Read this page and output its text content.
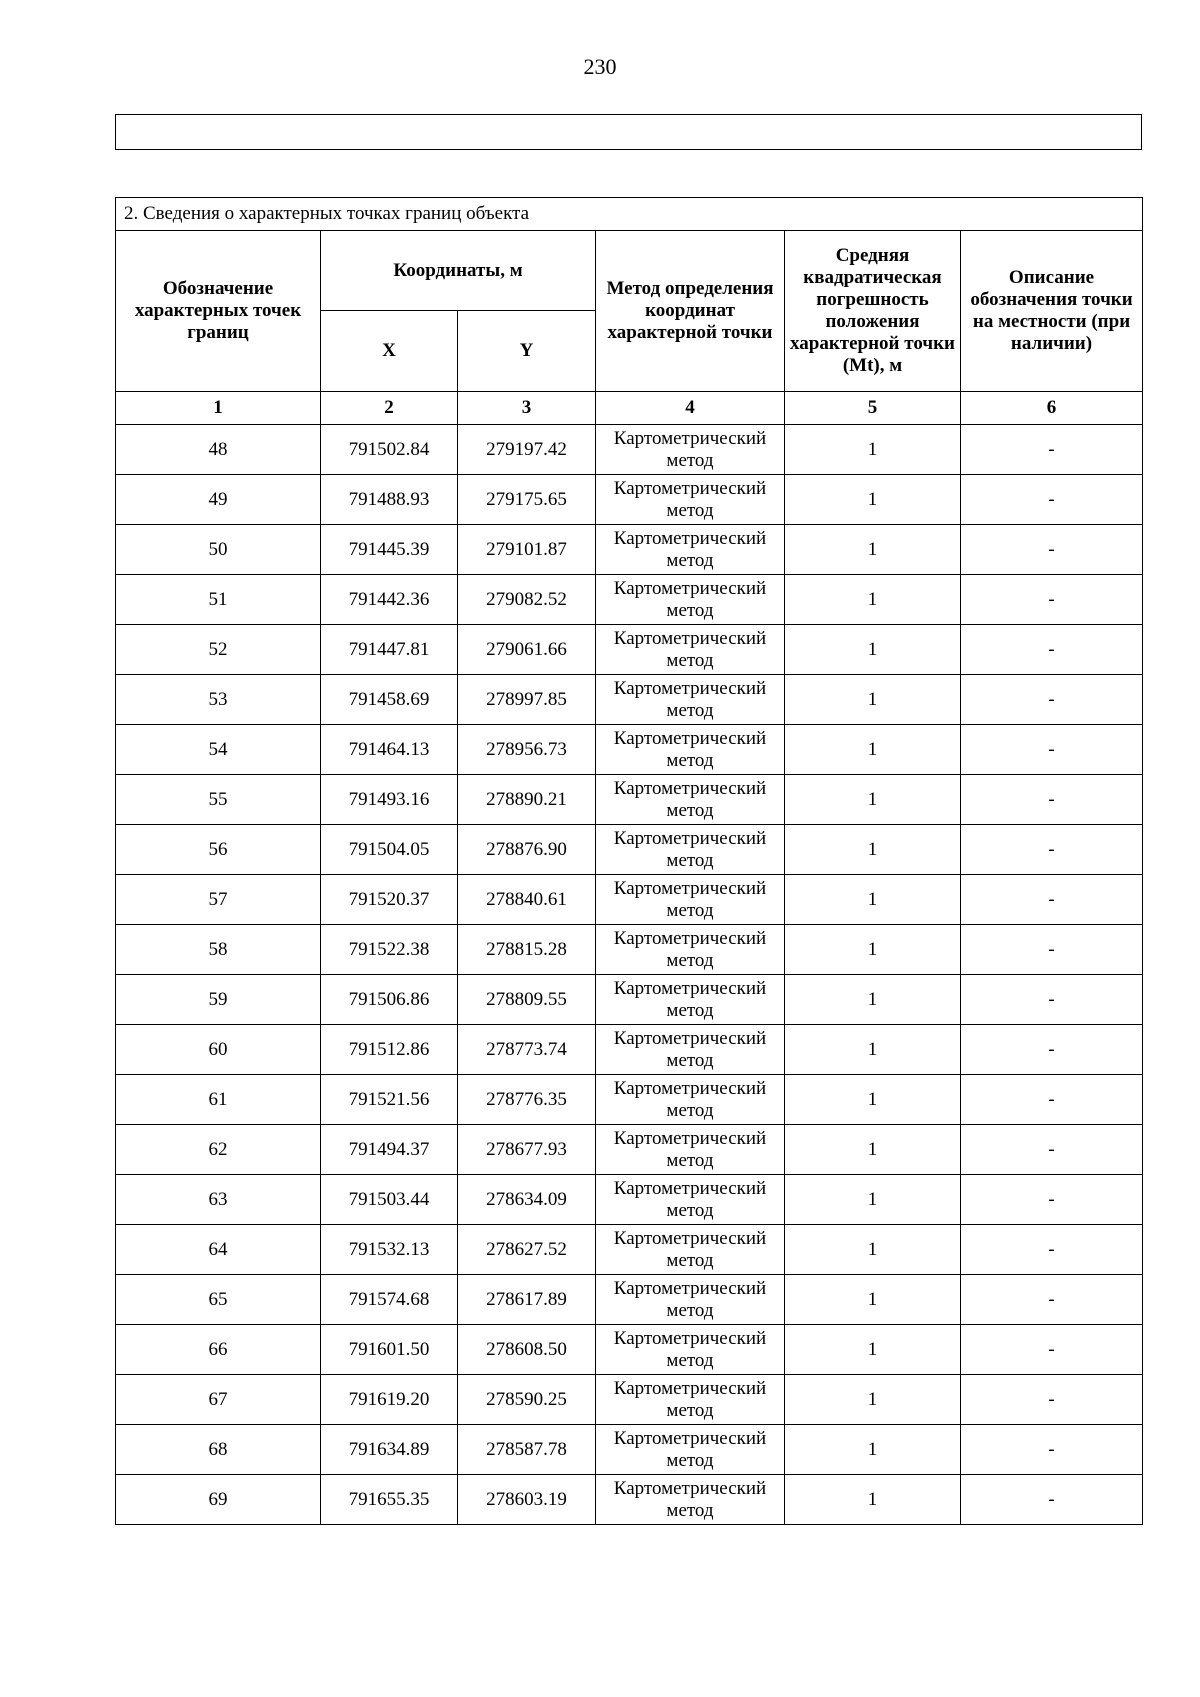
230
2. Сведения о характерных точках границ объекта					
Обозначение характерных точек границ	Координаты, м		Метод определения координат характерной точки	Средняя квадратическая погрешность положения характерной точки (Mt), м	Описание обозначения точки на местности (при наличии)
	X	Y			
1	2	3	4	5	6
48	791502.84	279197.42	Картометрический метод	1	-
49	791488.93	279175.65	Картометрический метод	1	-
50	791445.39	279101.87	Картометрический метод	1	-
51	791442.36	279082.52	Картометрический метод	1	-
52	791447.81	279061.66	Картометрический метод	1	-
53	791458.69	278997.85	Картометрический метод	1	-
54	791464.13	278956.73	Картометрический метод	1	-
55	791493.16	278890.21	Картометрический метод	1	-
56	791504.05	278876.90	Картометрический метод	1	-
57	791520.37	278840.61	Картометрический метод	1	-
58	791522.38	278815.28	Картометрический метод	1	-
59	791506.86	278809.55	Картометрический метод	1	-
60	791512.86	278773.74	Картометрический метод	1	-
61	791521.56	278776.35	Картометрический метод	1	-
62	791494.37	278677.93	Картометрический метод	1	-
63	791503.44	278634.09	Картометрический метод	1	-
64	791532.13	278627.52	Картометрический метод	1	-
65	791574.68	278617.89	Картометрический метод	1	-
66	791601.50	278608.50	Картометрический метод	1	-
67	791619.20	278590.25	Картометрический метод	1	-
68	791634.89	278587.78	Картометрический метод	1	-
69	791655.35	278603.19	Картометрический метод	1	-
